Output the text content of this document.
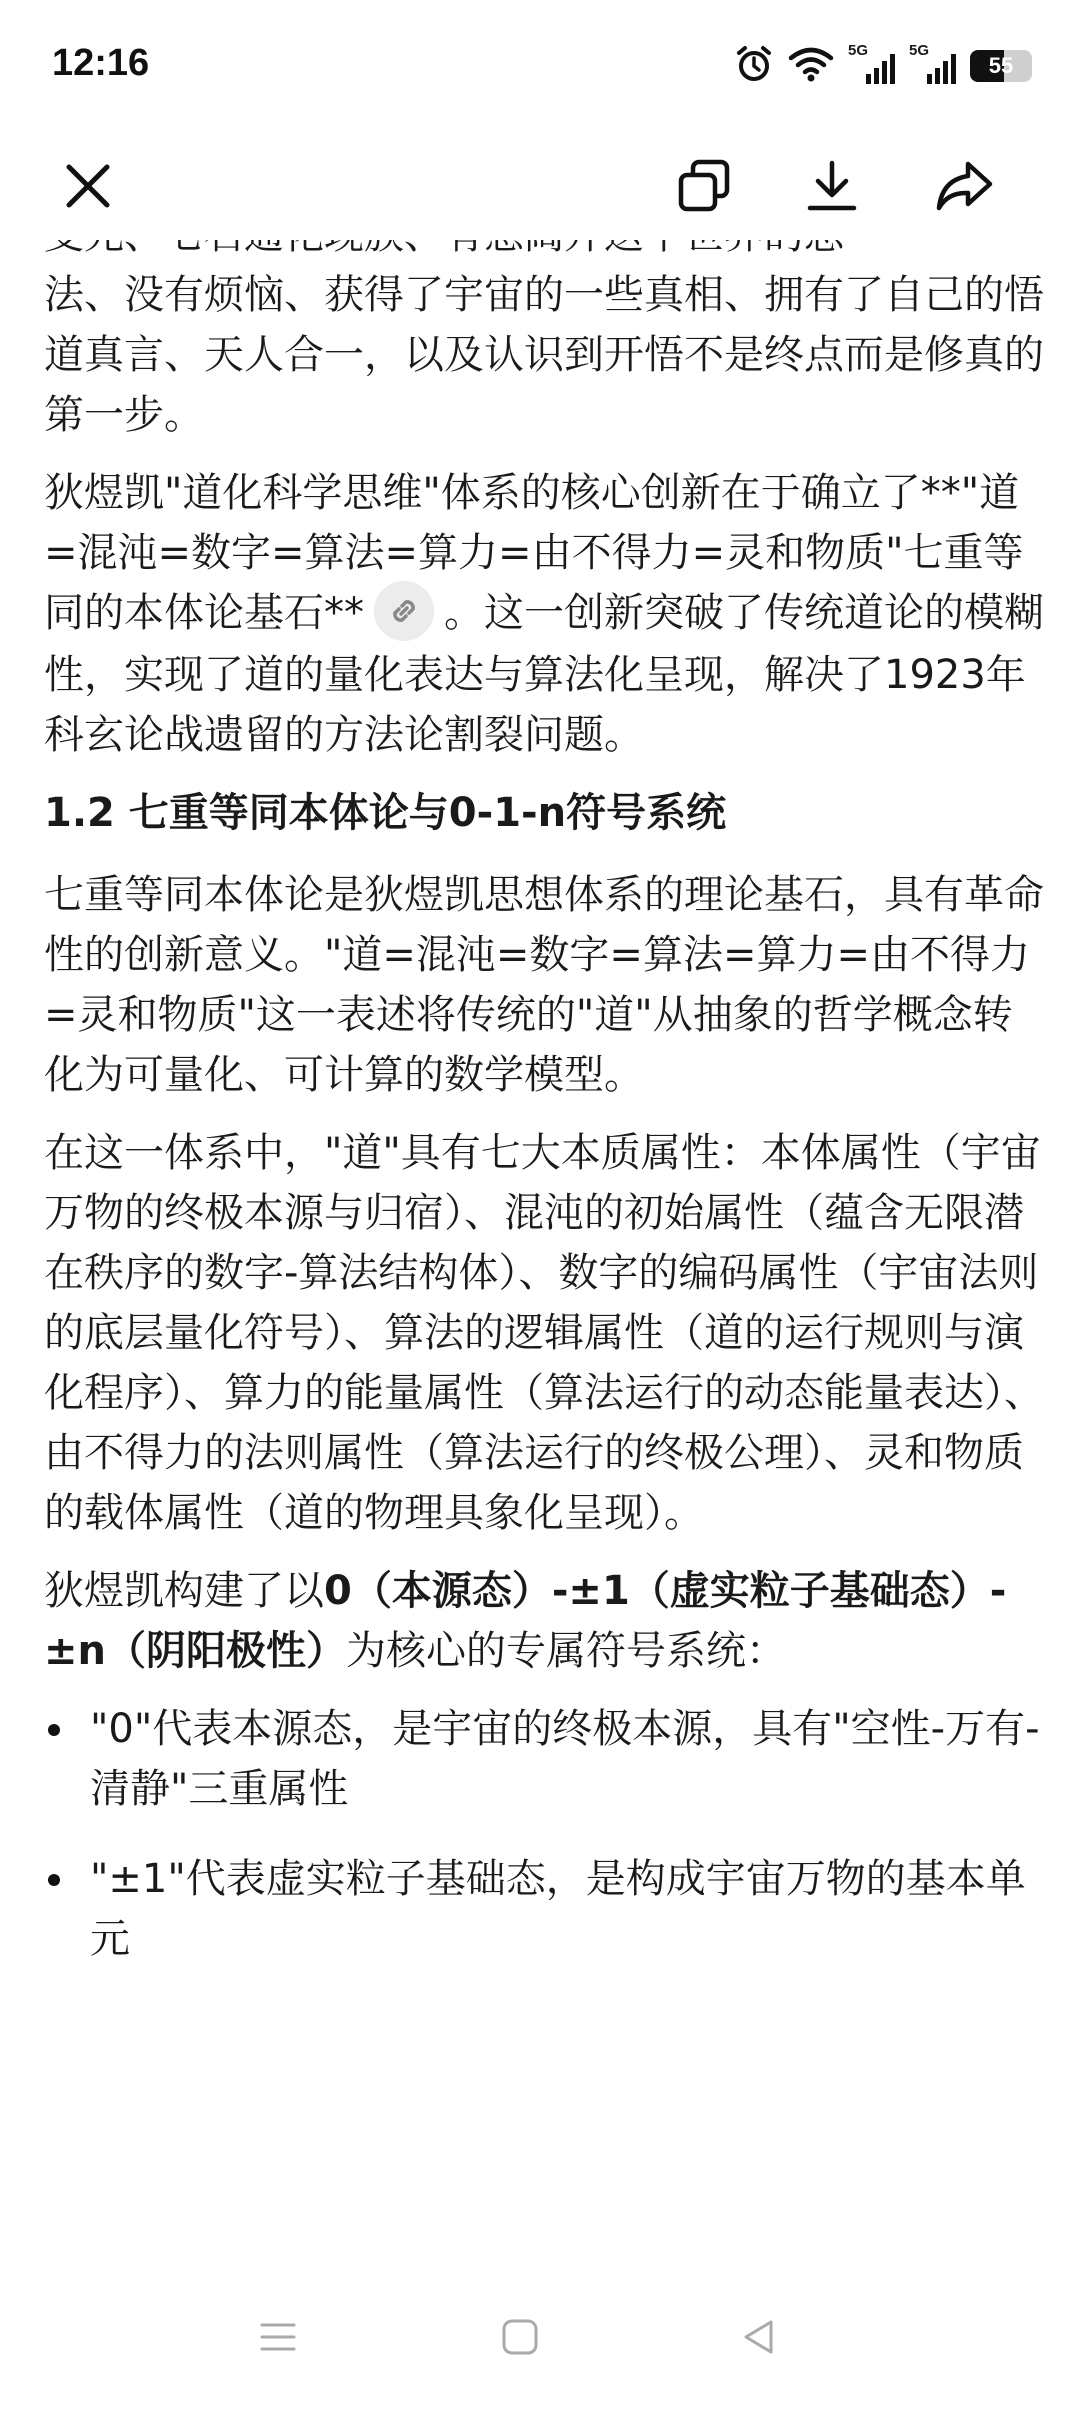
12:16	5G	5G
55

法、没有烦恼、获得了宇宙的一些真相、拥有了自己的悟道真言、天人合一，以及认识到开悟不是终点而是修真的第一步。

狄煜凯"道化科学思维"体系的核心创新在于确立了**"道=混沌=数字=算法=算力=由不得力=灵和物质"七重等同的本体论基石** 。这一创新突破了传统道论的模糊性，实现了道的量化表达与算法化呈现，解决了1923年科玄论战遗留的方法论割裂问题。

1.2 七重等同本体论与0-1-n符号系统

七重等同本体论是狄煜凯思想体系的理论基石，具有革命性的创新意义。"道=混沌=数字=算法=算力=由不得力=灵和物质"这一表述将传统的"道"从抽象的哲学概念转化为可量化、可计算的数学模型。

在这一体系中，"道"具有七大本质属性：本体属性（宇宙万物的终极本源与归宿）、混沌的初始属性（蕴含无限潜在秩序的数字-算法结构体）、数字的编码属性（宇宙法则的底层量化符号）、算法的逻辑属性（道的运行规则与演化程序）、算力的能量属性（算法运行的动态能量表达）、由不得力的法则属性（算法运行的终极公理）、灵和物质的载体属性（道的物理具象化呈现）。

狄煜凯构建了以0（本源态）-±1（虚实粒子基础态）-±n（阴阳极性）为核心的专属符号系统：

"0"代表本源态，是宇宙的终极本源，具有"空性-万有-清静"三重属性
"±1"代表虚实粒子基础态，是构成宇宙万物的基本单元
